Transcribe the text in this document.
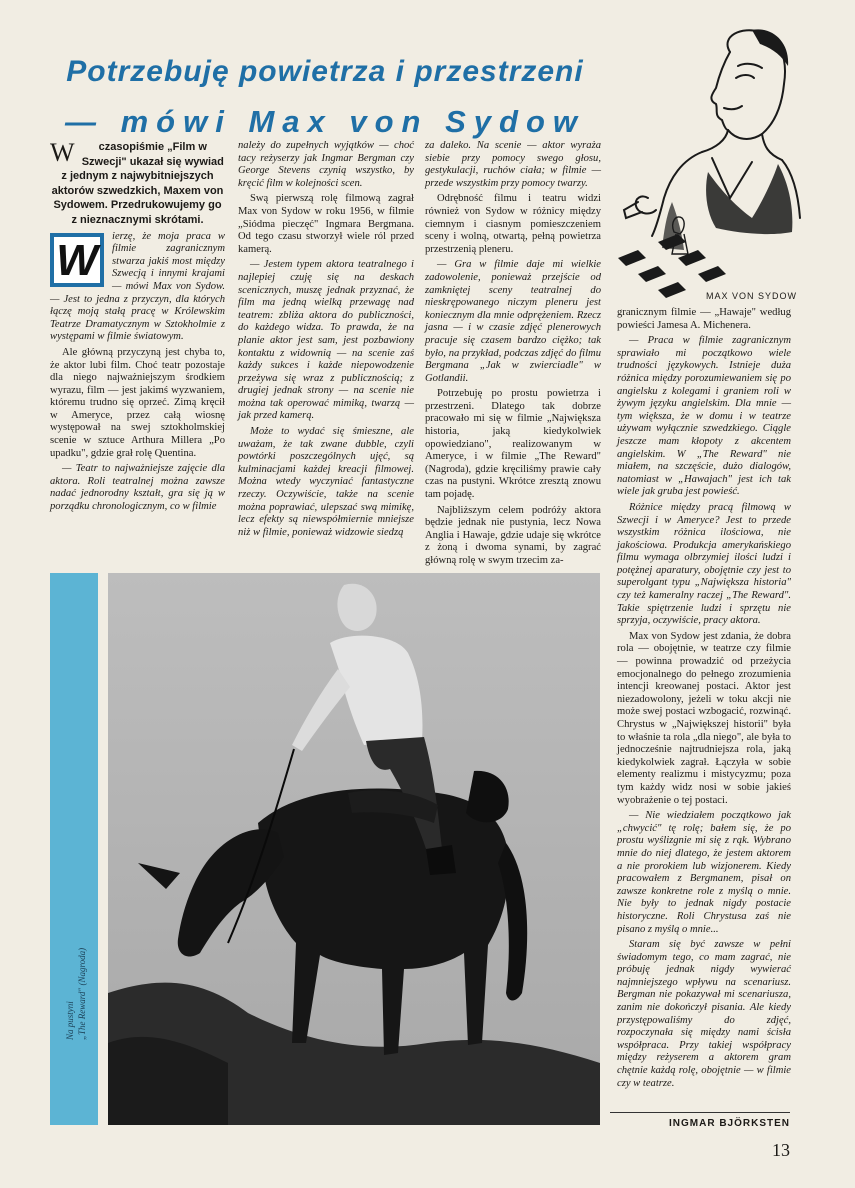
Potrzebuję powietrza i przestrzeni
— mówi Max von Sydow
MAX VON SYDOW

W czasopiśmie „Film w Szwecji" ukazał się wywiad z jednym z najwybitniejszych aktorów szwedzkich, Maxem von Sydowem. Przedrukowujemy go z nieznacznymi skrótami.

W ierzę, że moja praca w filmie zagranicznym stwarza jakiś most między Szwecją i innymi krajami — mówi Max von Sydow. — Jest to jedna z przyczyn, dla których łączę moją stałą pracę w Królewskim Teatrze Dramatycznym w Sztokholmie z występami w filmie światowym.

Ale główną przyczyną jest chyba to, że aktor lubi film. Choć teatr pozostaje dla niego najważniejszym środkiem wyrazu, film — jest jakimś wyzwaniem, któremu trudno się oprzeć. Zimą kręcił w Ameryce, przez całą wiosnę występował na swej sztokholmskiej scenie w sztuce Arthura Millera „Po upadku", gdzie grał rolę Quentina.

— Teatr to najważniejsze zajęcie dla aktora. Roli teatralnej można zawsze nadać jednorodny kształt, gra się ją w porządku chronologicznym, co w filmie

należy do zupełnych wyjątków — choć tacy reżyserzy jak Ingmar Bergman czy George Stevens czynią wszystko, by kręcić film w kolejności scen.

Swą pierwszą rolę filmową zagrał Max von Sydow w roku 1956, w filmie „Siódma pieczęć" Ingmara Bergmana. Od tego czasu stworzył wiele ról przed kamerą.

— Jestem typem aktora teatralnego i najlepiej czuję się na deskach scenicznych, muszę jednak przyznać, że film ma jedną wielką przewagę nad teatrem: zbliża aktora do publiczności, do każdego widza. To prawda, że na planie aktor jest sam, jest pozbawiony kontaktu z widownią — na scenie zaś każdy sukces i każde niepowodzenie przeżywa się wraz z publicznością; z drugiej jednak strony — na scenie nie można tak operować mimiką, twarzą — jak przed kamerą.

Może to wydać się śmieszne, ale uważam, że tak zwane dubble, czyli powtórki poszczególnych ujęć, są kulminacjami każdej kreacji filmowej. Można wtedy wyczyniać fantastyczne rzeczy. Oczywiście, także na scenie można poprawiać, ulepszać swą mimikę, lecz efekty są niewspółmiernie mniejsze niż w filmie, ponieważ widzowie siedzą

za daleko. Na scenie — aktor wyraża siebie przy pomocy swego głosu, gestykulacji, ruchów ciała; w filmie — przede wszystkim przy pomocy twarzy.

Odrębność filmu i teatru widzi również von Sydow w różnicy między ciemnym i ciasnym pomieszczeniem sceny i wolną, otwartą, pełną powietrza przestrzenią pleneru.

— Gra w filmie daje mi wielkie zadowolenie, ponieważ przejście od zamkniętej sceny teatralnej do nieskrępowanego niczym pleneru jest koniecznym dla mnie odprężeniem. Rzecz jasna — i w czasie zdjęć plenerowych pracuje się czasem bardzo ciężko; tak było, na przykład, podczas zdjęć do filmu Bergmana „Jak w zwierciadle" w Gotlandii.

Potrzebuję po prostu powietrza i przestrzeni. Dlatego tak dobrze pracowało mi się w filmie „Największa historia, jaką kiedykolwiek opowiedziano", realizowanym w Ameryce, i w filmie „The Reward" (Nagroda), gdzie kręciliśmy prawie cały czas na pustyni. Wkrótce zresztą znowu tam pojadę.

Najbliższym celem podróży aktora będzie jednak nie pustynia, lecz Nowa Anglia i Hawaje, gdzie udaje się wkrótce z żoną i dwoma synami, by zagrać główną rolę w swym trzecim za-

granicznym filmie — „Hawaje" według powieści Jamesa A. Michenera.

— Praca w filmie zagranicznym sprawiało mi początkowo wiele trudności językowych. Istnieje duża różnica między porozumiewaniem się po angielsku z kolegami i graniem roli w żywym języku angielskim. Dla mnie — tym większa, że w domu i w teatrze używam wyłącznie szwedzkiego. Ciągle jeszcze mam kłopoty z akcentem angielskim. W „The Reward" nie miałem, na szczęście, dużo dialogów, natomiast w „Hawajach" jest ich tak wiele jak gruba jest powieść.

Różnice między pracą filmową w Szwecji i w Ameryce? Jest to przede wszystkim różnica ilościowa, nie jakościowa. Produkcja amerykańskiego filmu wymaga olbrzymiej ilości ludzi i potężnej aparatury, obojętnie czy jest to superolgant typu „Największa historia" czy też kameralny raczej „The Reward". Takie spiętrzenie ludzi i sprzętu nie sprzyja, oczywiście, pracy aktora.

Max von Sydow jest zdania, że dobra rola — obojętnie, w teatrze czy filmie — powinna prowadzić od przeżycia emocjonalnego do pełnego zrozumienia intencji kreowanej postaci. Aktor jest niezadowolony, jeżeli w toku akcji nie może swej postaci wzbogacić, rozwinąć. Chrystus w „Największej historii" była to właśnie ta rola „dla niego", ale była to jednocześnie najtrudniejsza rola, jaką kiedykolwiek zagrał. Łączyła w sobie elementy realizmu i mistycyzmu; poza tym każdy widz nosi w sobie jakieś wyobrażenie o tej postaci.

— Nie wiedziałem początkowo jak „chwycić" tę rolę; bałem się, że po prostu wyślizgnie mi się z rąk. Wybrano mnie do niej dlatego, że jestem aktorem a nie prorokiem lub wizjonerem. Kiedy pracowałem z Bergmanem, pisał on zawsze konkretne role z myślą o mnie. Nie były to jednak nigdy postacie historyczne. Roli Chrystusa zaś nie pisano z myślą o mnie...

Staram się być zawsze w pełni świadomym tego, co mam zagrać, nie próbuję jednak nigdy wywierać najmniejszego wpływu na scenariusz. Bergman nie pokazywał mi scenariusza, zanim nie dokończył pisania. Ale kiedy przystępowaliśmy do zdjęć, rozpoczynała się między nami ścisła współpraca. Przy takiej współpracy między reżyserem a aktorem gram chętnie każdą rolę, obojętnie — w filmie czy w teatrze.

Na pustyni „The Reward" (Nagroda)
INGMAR BJÖRKSTEN
13
